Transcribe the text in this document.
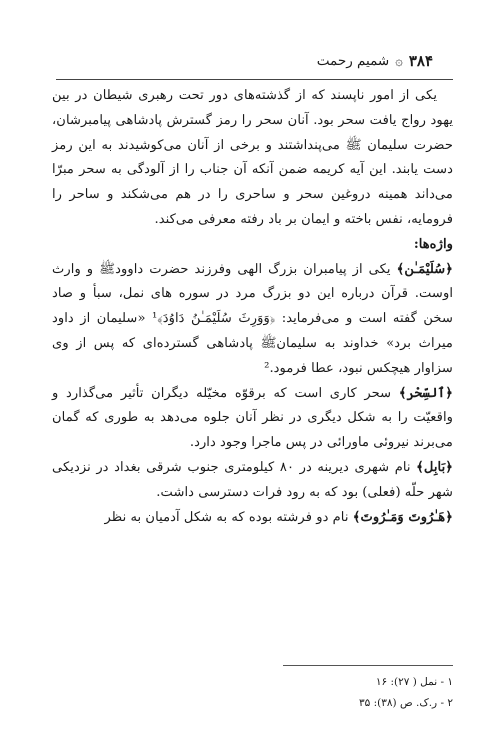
۳۸۴
۞
شمیم رحمت

یکی از امور ناپسند که از گذشته‌های دور تحت رهبری شیطان در بین یهود رواج یافت سحر بود. آنان سحر را رمز گسترش پادشاهی پیامبرشان، حضرت سلیمان ﷺ می‌پنداشتند و برخی از آنان می‌کوشیدند به این رمز دست یابند. این آیه کریمه ضمن آنکه آن جناب را از آلودگی به سحر مبرّا می‌داند همینه دروغین سحر و ساحری را در هم می‌شکند و ساحر را فرومایه، نفس باخته و ایمان بر باد رفته معرفی می‌کند.

واژه‌ها:

﴿سُلَيْمَـٰن﴾ یکی از پیامبران بزرگ الهی وفرزند حضرت داوودﷺ و وارث اوست. قرآن درباره این دو بزرگ مرد در سوره های نمل، سبأ و صاد سخن گفته است و می‌فرماید: ﴿وَوَرِثَ سُلَيْمَـٰنُ دَاوُدَ﴾¹ «سلیمان از داود میراث برد» خداوند به سلیمانﷺ پادشاهی گسترده‌ای که پس از وی سزاوار هیچکس نبود، عطا فرمود.²

﴿ٱلسِّحْر﴾ سحر کاری است که برقوّه مخیّله دیگران تأثیر می‌گذارد و واقعیّت را به شکل دیگری در نظر آنان جلوه می‌دهد به طوری که گمان می‌برند نیروئی ماورائی در پس ماجرا وجود دارد.

﴿بَابِل﴾ نام شهری دیرینه در ۸۰ کیلومتری جنوب شرقی بغداد در نزدیکی شهر حلّه (فعلی) بود که به رود فرات دسترسی داشت.

﴿هَـٰرُوتَ وَمَـٰرُوتَ﴾ نام دو فرشته بوده که به شکل آدمیان به نظر

۱ - نمل ( ۲۷): ۱۶
۲ - ر.ک. ص (۳۸): ۳۵
